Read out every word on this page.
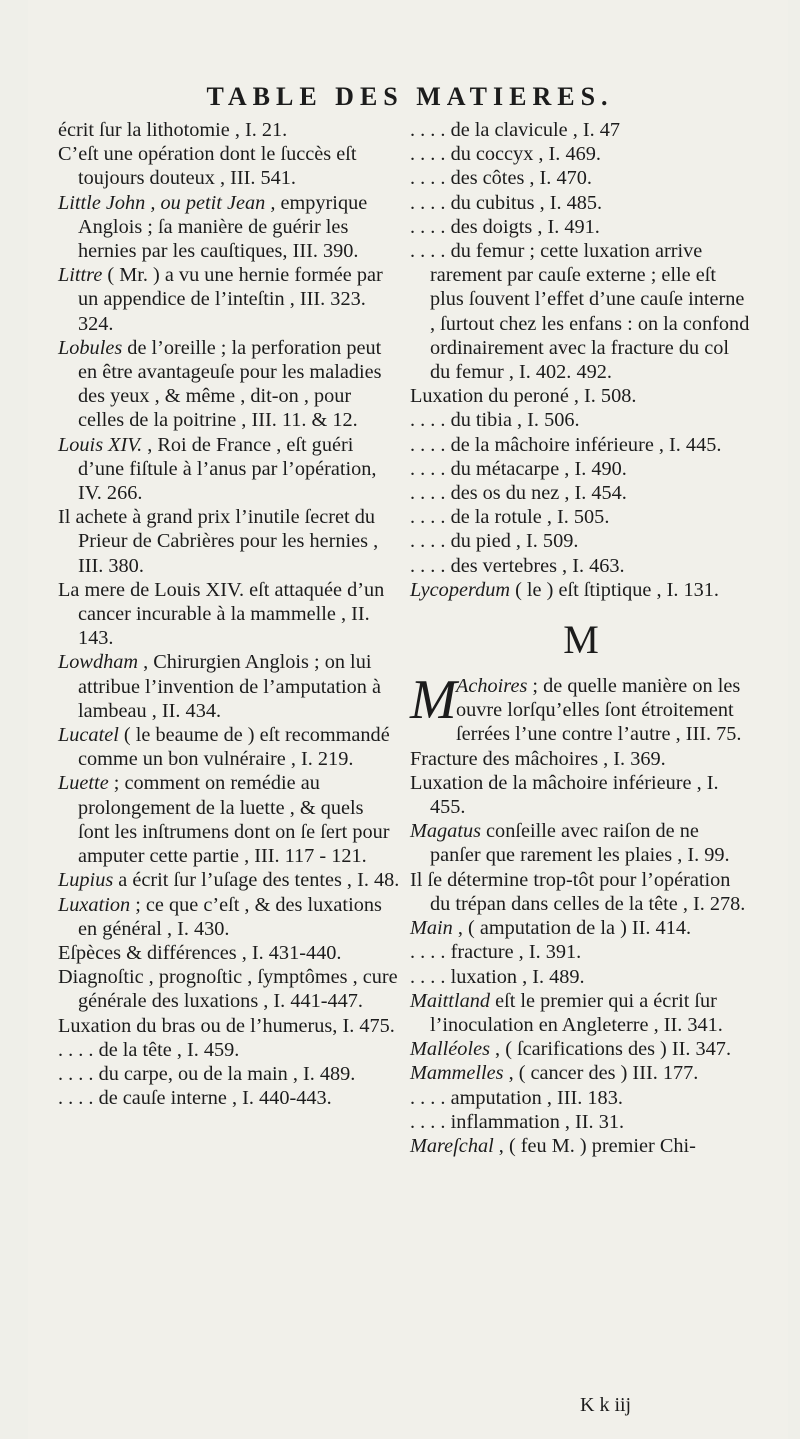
TABLE DES MATIERES.

écrit ſur la lithotomie , I. 21.

C’eſt une opération dont le ſuccès eſt toujours douteux , III. 541.

Little John , ou petit Jean , empyrique Anglois ; ſa manière de guérir les hernies par les cauſtiques, III. 390.

Littre ( Mr. ) a vu une hernie formée par un appendice de l’inteſtin , III. 323. 324.

Lobules de l’oreille ; la perforation peut en être avantageuſe pour les maladies des yeux , & même , dit-on , pour celles de la poitrine , III. 11. & 12.

Louis XIV. , Roi de France , eſt guéri d’une fiſtule à l’anus par l’opération, IV. 266.

Il achete à grand prix l’inutile ſecret du Prieur de Cabrières pour les hernies , III. 380.

La mere de Louis XIV. eſt attaquée d’un cancer incurable à la mammelle , II. 143.

Lowdham , Chirurgien Anglois ; on lui attribue l’invention de l’amputation à lambeau , II. 434.

Lucatel ( le beaume de ) eſt recommandé comme un bon vulnéraire , I. 219.

Luette ; comment on remédie au prolongement de la luette , & quels ſont les inſtrumens dont on ſe ſert pour amputer cette partie , III. 117 - 121.

Lupius a écrit ſur l’uſage des tentes , I. 48.

Luxation ; ce que c’eſt , & des luxations en général , I. 430.

Eſpèces & différences , I. 431-440.

Diagnoſtic , prognoſtic , ſymptômes , cure générale des luxations , I. 441-447.

Luxation du bras ou de l’humerus, I. 475.

. . . . de la tête , I. 459.

. . . . du carpe, ou de la main , I. 489.

. . . . de cauſe interne , I. 440-443.

. . . . de la clavicule , I. 47

. . . . du coccyx , I. 469.

. . . . des côtes , I. 470.

. . . . du cubitus , I. 485.

. . . . des doigts , I. 491.

. . . . du femur ; cette luxation arrive rarement par cauſe externe ; elle eſt plus ſouvent l’effet d’une cauſe interne , ſurtout chez les enfans : on la confond ordinairement avec la fracture du col du femur , I. 402. 492.

Luxation du peroné , I. 508.

. . . . du tibia , I. 506.

. . . . de la mâchoire inférieure , I. 445.

. . . . du métacarpe , I. 490.

. . . . des os du nez , I. 454.

. . . . de la rotule , I. 505.

. . . . du pied , I. 509.

. . . . des vertebres , I. 463.

Lycoperdum ( le ) eſt ſtiptique , I. 131.

M

M Achoires ; de quelle manière on les ouvre lorſqu’elles ſont étroitement ſerrées l’une contre l’autre , III. 75.

Fracture des mâchoires , I. 369.

Luxation de la mâchoire inférieure , I. 455.

Magatus conſeille avec raiſon de ne panſer que rarement les plaies , I. 99.

Il ſe détermine trop-tôt pour l’opération du trépan dans celles de la tête , I. 278.

Main , ( amputation de la ) II. 414.

. . . . fracture , I. 391.

. . . . luxation , I. 489.

Maittland eſt le premier qui a écrit ſur l’inoculation en Angleterre , II. 341.

Malléoles , ( ſcarifications des ) II. 347.

Mammelles , ( cancer des ) III. 177.

. . . . amputation , III. 183.

. . . . inflammation , II. 31.

Mareſchal , ( feu M. ) premier Chi-

K k iij
